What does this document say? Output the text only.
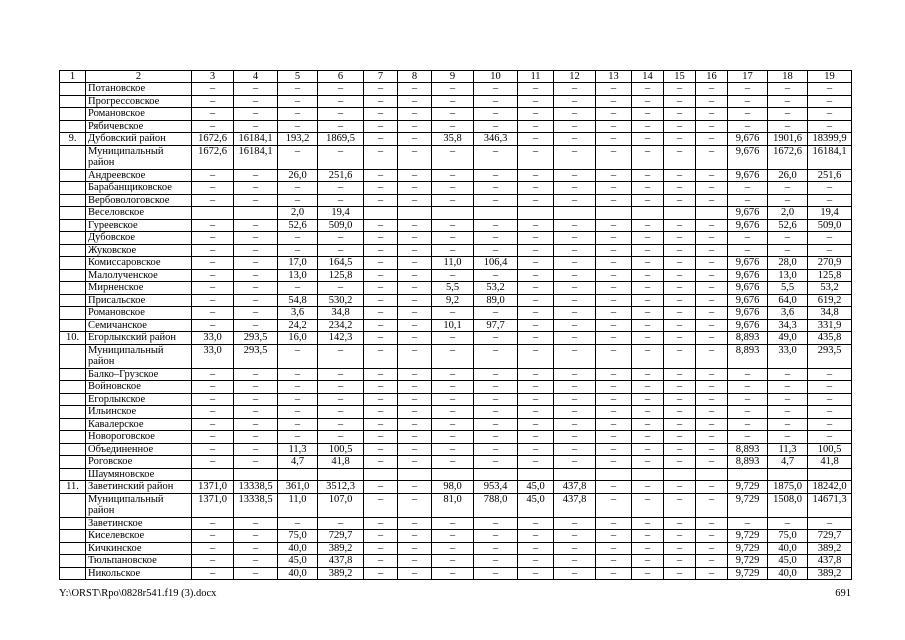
1	2	3	4	5	6	7	8	9	10	11	12	13	14	15	16	17	18	19
	Потановское	–	–	–	–	–	–	–	–	–	–	–	–	–	–	–	–	–
	Прогрессовское	–	–	–	–	–	–	–	–	–	–	–	–	–	–	–	–	–
	Романовское	–	–	–	–	–	–	–	–	–	–	–	–	–	–	–	–	–
	Рябичевское	–	–	–	–	–	–	–	–	–	–	–	–	–	–	–	–	–
9.	Дубовский район	1672,6	16184,1	193,2	1869,5	–	–	35,8	346,3	–	–	–	–	–	–	9,676	1901,6	18399,9
	Муниципальный район	1672,6	16184,1	–	–	–	–	–	–	–	–	–	–	–	–	9,676	1672,6	16184,1
	Андреевское	–	–	26,0	251,6	–	–	–	–	–	–	–	–	–	–	9,676	26,0	251,6
	Барабанщиковское	–	–	–	–	–	–	–	–	–	–	–	–	–	–	–	–	–
	Вербовологовское	–	–	–	–	–	–	–	–	–	–	–	–	–	–	–	–	–
	Веселовское			2,0	19,4											9,676	2,0	19,4
	Гуреевское	–	–	52,6	509,0	–	–	–	–	–	–	–	–	–	–	9,676	52,6	509,0
	Дубовское	–	–	–	–	–	–	–	–	–	–	–	–	–	–	–	–	–
	Жуковское	–	–	–	–	–	–	–	–	–	–	–	–	–	–	–	–	–
	Комиссаровское	–	–	17,0	164,5	–	–	11,0	106,4	–	–	–	–	–	–	9,676	28,0	270,9
	Малолученское	–	–	13,0	125,8	–	–	–	–	–	–	–	–	–	–	9,676	13,0	125,8
	Мирненское	–	–	–	–	–	–	5,5	53,2	–	–	–	–	–	–	9,676	5,5	53,2
	Присальское	–	–	54,8	530,2	–	–	9,2	89,0	–	–	–	–	–	–	9,676	64,0	619,2
	Романовское	–	–	3,6	34,8	–	–	–	–	–	–	–	–	–	–	9,676	3,6	34,8
	Семичанское	–	–	24,2	234,2	–	–	10,1	97,7	–	–	–	–	–	–	9,676	34,3	331,9
10.	Егорлыкский район	33,0	293,5	16,0	142,3	–	–	–	–	–	–	–	–	–	–	8,893	49,0	435,8
	Муниципальный район	33,0	293,5	–	–	–	–	–	–	–	–	–	–	–	–	8,893	33,0	293,5
	Балко–Грузское	–	–	–	–	–	–	–	–	–	–	–	–	–	–	–	–	–
	Войновское	–	–	–	–	–	–	–	–	–	–	–	–	–	–	–	–	–
	Егорлыкское	–	–	–	–	–	–	–	–	–	–	–	–	–	–	–	–	–
	Ильинское	–	–	–	–	–	–	–	–	–	–	–	–	–	–	–	–	–
	Кавалерское	–	–	–	–	–	–	–	–	–	–	–	–	–	–	–	–	–
	Новороговское	–	–	–	–	–	–	–	–	–	–	–	–	–	–	–	–	–
	Объединенное	–	–	11,3	100,5	–	–	–	–	–	–	–	–	–	–	8,893	11,3	100,5
	Роговское	–	–	4,7	41,8	–	–	–	–	–	–	–	–	–	–	8,893	4,7	41,8
	Шаумяновское																	
11.	Заветинский район	1371,0	13338,5	361,0	3512,3	–	–	98,0	953,4	45,0	437,8	–	–	–	–	9,729	1875,0	18242,0
	Муниципальный район	1371,0	13338,5	11,0	107,0	–	–	81,0	788,0	45,0	437,8	–	–	–	–	9,729	1508,0	14671,3
	Заветинское	–	–	–	–	–	–	–	–	–	–	–	–	–	–	–	–	–
	Киселевское	–	–	75,0	729,7	–	–	–	–	–	–	–	–	–	–	9,729	75,0	729,7
	Кичкинское	–	–	40,0	389,2	–	–	–	–	–	–	–	–	–	–	9,729	40,0	389,2
	Тюльпановское	–	–	45,0	437,8	–	–	–	–	–	–	–	–	–	–	9,729	45,0	437,8
	Никольское	–	–	40,0	389,2	–	–	–	–	–	–	–	–	–	–	9,729	40,0	389,2
Y:\ORST\Rpo\0828r541.f19 (3).docx	691
